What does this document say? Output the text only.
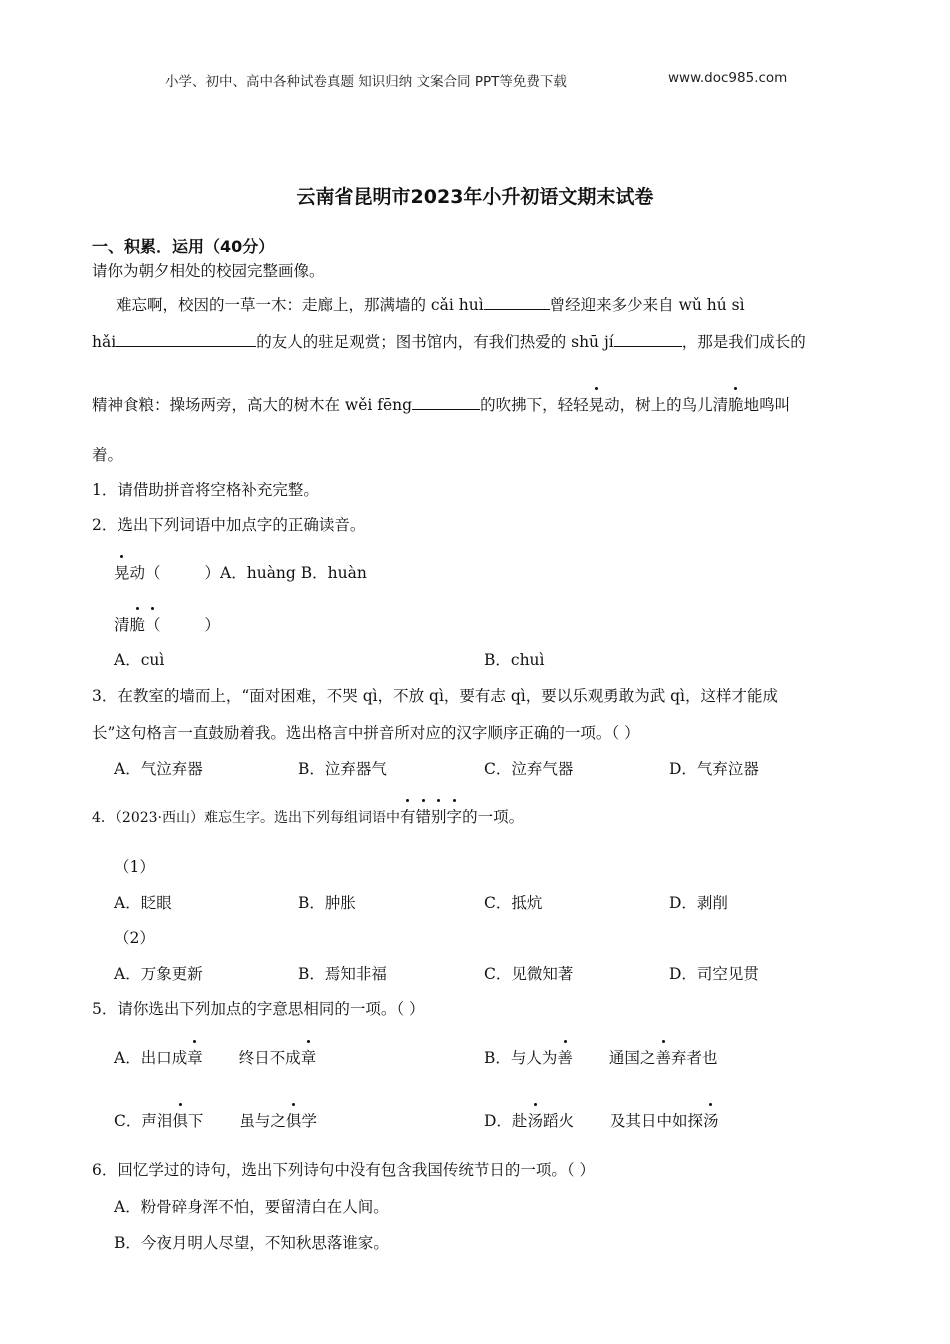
小学、初中、高中各种试卷真题 知识归纳 文案合同 PPT等免费下载	www.doc985.com
云南省昆明市2023年小升初语文期末试卷
一、积累．运用（40分）
请你为朝夕相处的校园完整画像。
难忘啊，校因的一草一木：走廊上，那满墙的 cǎi huì	曾经迎来多少来自 wǔ hú sì
hǎi	的友人的驻足观赏；图书馆内，有我们热爱的 shū jí	，那是我们成长的
精神食粮：操场两旁，高大的树木在 wěi fēng	的吹拂下，轻轻晃动，树上的鸟儿清脆地鸣叫
着。
1．请借助拼音将空格补充完整。
2．选出下列词语中加点字的正确读音。
晃动（	）A．huàng B．huàn
清脆（	）
A．cuì	B．chuì
3．在教室的墙而上，“面对困难，不哭 qì，不放 qì，要有志 qì，要以乐观勇敢为武 qì，这样才能成
长”这句格言一直鼓励着我。选出格言中拼音所对应的汉字顺序正确的一项。（ ）
A．气泣弃器	B．泣弃器气	C．泣弃气器	D．气弃泣器
4．（2023·西山）难忘生字。选出下列每组词语中有错别字的一项。
（1）
A．眨眼	B．肿胀	C．抵炕	D．剥削
（2）
A．万象更新	B．焉知非福	C．见微知著	D．司空见贯
5．请你选出下列加点的字意思相同的一项。（ ）
A．出口成章 终日不成章	B．与人为善 通国之善弃者也
C．声泪俱下 虽与之俱学	D．赴汤蹈火 及其日中如探汤
6．回忆学过的诗句，选出下列诗句中没有包含我国传统节日的一项。（ ）
A．粉骨碎身浑不怕，要留清白在人间。
B．今夜月明人尽望，不知秋思落谁家。
